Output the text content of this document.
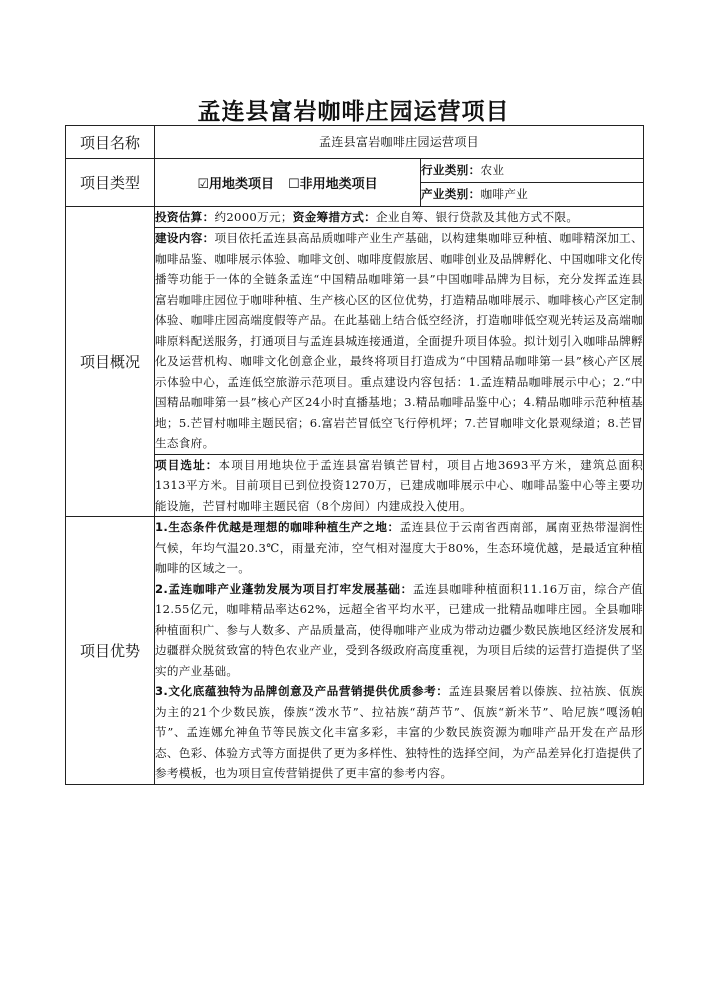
孟连县富岩咖啡庄园运营项目
项目名称	孟连县富岩咖啡庄园运营项目	
项目类型	☑用地类项目 ☐非用地类项目	行业类别：农业
		产业类别：咖啡产业
项目概况	投资估算：约2000万元；资金筹措方式：企业自筹、银行贷款及其他方式不限。	
	建设内容：项目依托孟连县高品质咖啡产业生产基础，以构建集咖啡豆种植、咖啡精深加工、咖啡品鉴、咖啡展示体验、咖啡文创、咖啡度假旅居、咖啡创业及品牌孵化、中国咖啡文化传播等功能于一体的全链条孟连“中国精品咖啡第一县”中国咖啡品牌为目标，充分发挥孟连县富岩咖啡庄园位于咖啡种植、生产核心区的区位优势，打造精品咖啡展示、咖啡核心产区定制体验、咖啡庄园高端度假等产品。在此基础上结合低空经济，打造咖啡低空观光转运及高端咖啡原料配送服务，打通项目与孟连县城连接通道，全面提升项目体验。拟计划引入咖啡品牌孵化及运营机构、咖啡文化创意企业，最终将项目打造成为“中国精品咖啡第一县”核心产区展示体验中心，孟连低空旅游示范项目。重点建设内容包括：1.孟连精品咖啡展示中心；2.“中国精品咖啡第一县”核心产区24小时直播基地；3.精品咖啡品鉴中心；4.精品咖啡示范种植基地；5.芒冒村咖啡主题民宿；6.富岩芒冒低空飞行停机坪；7.芒冒咖啡文化景观绿道；8.芒冒生态食府。	
	项目选址：本项目用地块位于孟连县富岩镇芒冒村，项目占地3693平方米，建筑总面积1313平方米。目前项目已到位投资1270万，已建成咖啡展示中心、咖啡品鉴中心等主要功能设施，芒冒村咖啡主题民宿（8个房间）内建成投入使用。	
项目优势	1.生态条件优越是理想的咖啡种植生产之地：孟连县位于云南省西南部，属南亚热带湿润性气候，年均气温20.3℃，雨量充沛，空气相对湿度大于80%，生态环境优越，是最适宜种植咖啡的区域之一。
2.孟连咖啡产业蓬勃发展为项目打牢发展基础：孟连县咖啡种植面积11.16万亩，综合产值12.55亿元，咖啡精品率达62%，远超全省平均水平，已建成一批精品咖啡庄园。全县咖啡种植面积广、参与人数多、产品质量高，使得咖啡产业成为带动边疆少数民族地区经济发展和边疆群众脱贫致富的特色农业产业，受到各级政府高度重视，为项目后续的运营打造提供了坚实的产业基础。
3.文化底蕴独特为品牌创意及产品营销提供优质参考：孟连县聚居着以傣族、拉祜族、佤族为主的21个少数民族，傣族“泼水节”、拉祜族“葫芦节”、佤族“新米节”、哈尼族“嘎汤帕节”、孟连娜允神鱼节等民族文化丰富多彩，丰富的少数民族资源为咖啡产品开发在产品形态、色彩、体验方式等方面提供了更为多样性、独特性的选择空间，为产品差异化打造提供了参考模板，也为项目宣传营销提供了更丰富的参考内容。	
